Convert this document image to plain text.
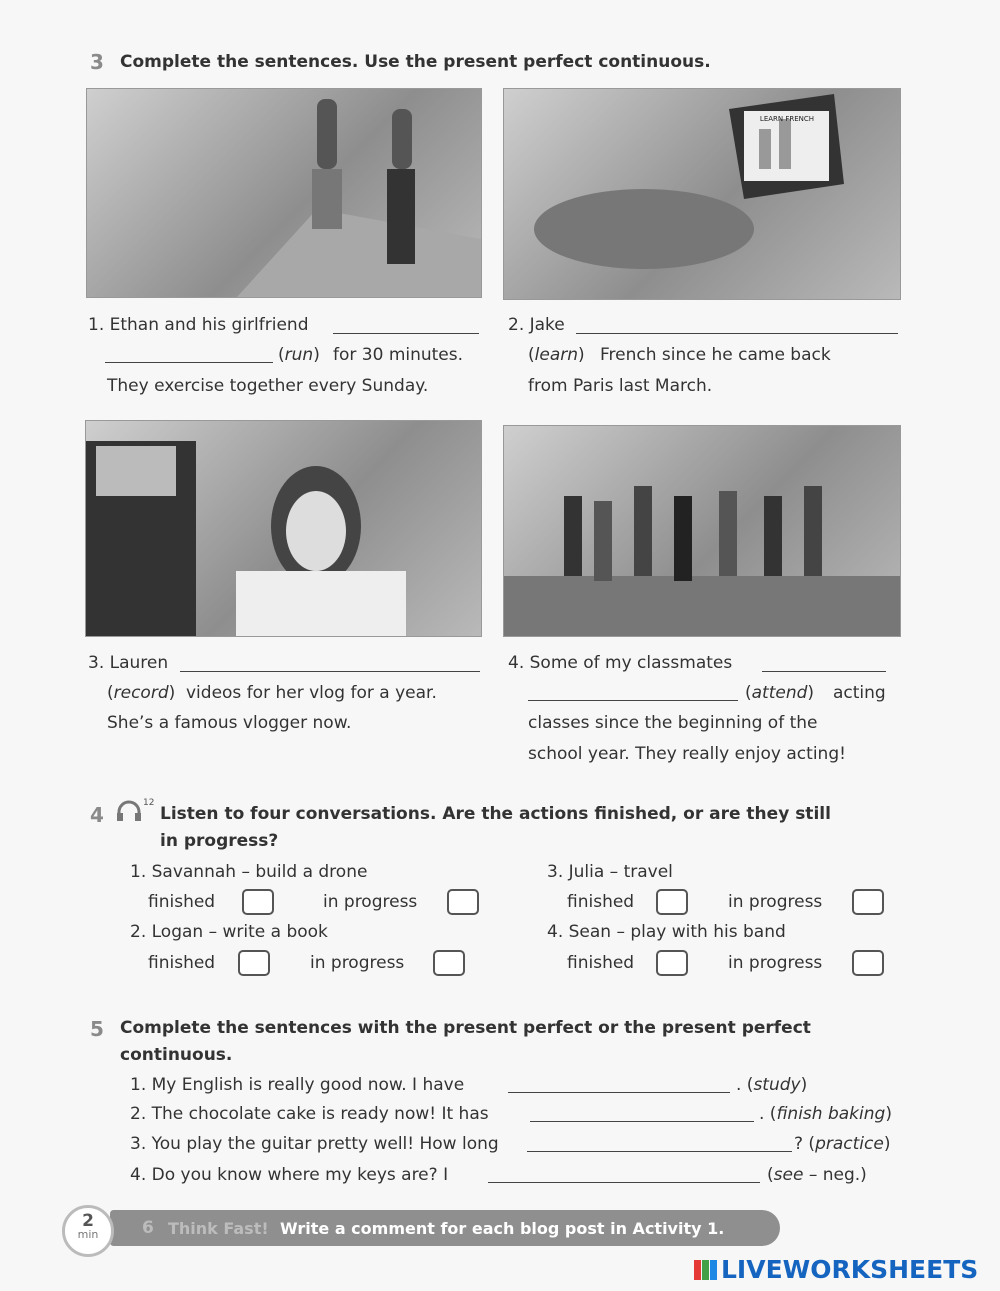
3 Complete the sentences. Use the present perfect continuous.
LEARN FRENCH
1. Ethan and his girlfriend
(run) for 30 minutes.
They exercise together every Sunday.
2. Jake
(learn) French since he came back
from Paris last March.
3. Lauren
(record) videos for her vlog for a year.
She’s a famous vlogger now.
4. Some of my classmates
(attend) acting
classes since the beginning of the
school year. They really enjoy acting!
4	12
Listen to four conversations. Are the actions finished, or are they still
in progress?
1. Savannah – build a drone
finished	in progress
2. Logan – write a book
finished	in progress
3. Julia – travel
finished	in progress
4. Sean – play with his band
finished	in progress
5 Complete the sentences with the present perfect or the present perfect
continuous.
1. My English is really good now. I have	. (study)
2. The chocolate cake is ready now! It has	. (finish baking)
3. You play the guitar pretty well! How long	? (practice)
4. Do you know where my keys are? I	(see – neg.)
2
min	6 Think Fast! Write a comment for each blog post in Activity 1.
LIVEWORKSHEETS
